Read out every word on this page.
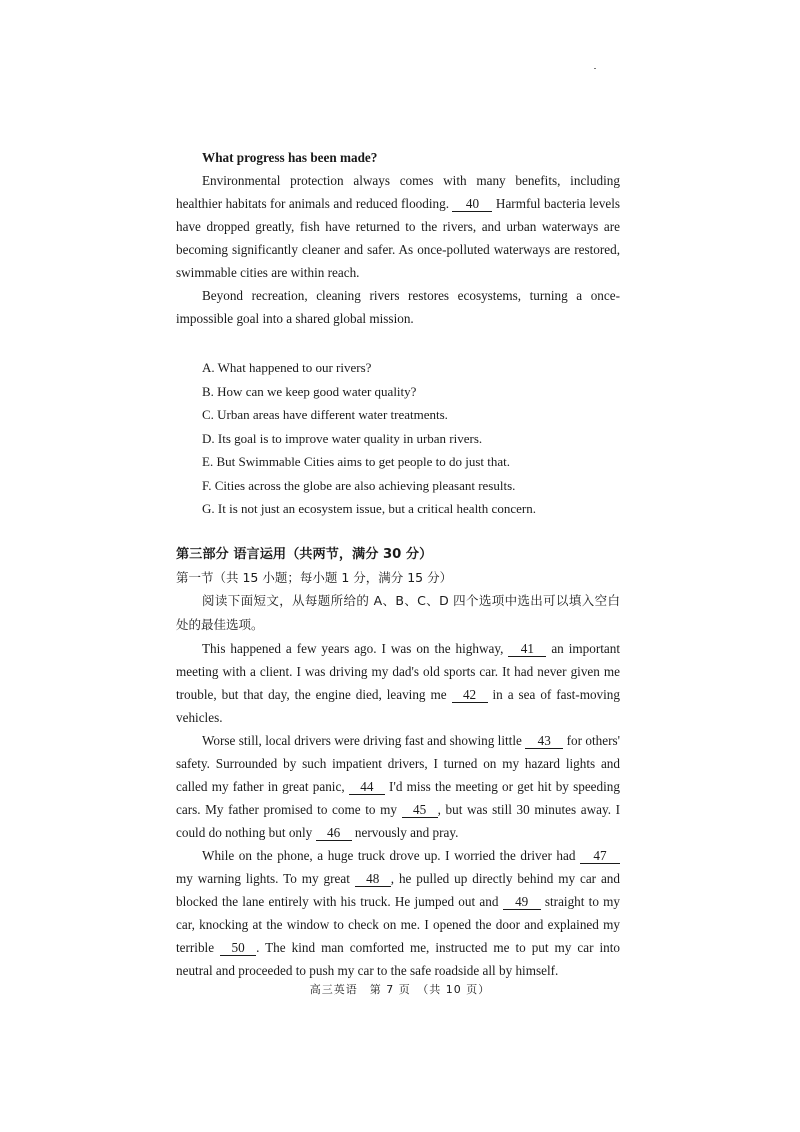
What progress has been made?

Environmental protection always comes with many benefits, including healthier habitats for animals and reduced flooding. 40 Harmful bacteria levels have dropped greatly, fish have returned to the rivers, and urban waterways are becoming significantly cleaner and safer. As once-polluted waterways are restored, swimmable cities are within reach.

Beyond recreation, cleaning rivers restores ecosystems, turning a once-impossible goal into a shared global mission.

A. What happened to our rivers?
B. How can we keep good water quality?
C. Urban areas have different water treatments.
D. Its goal is to improve water quality in urban rivers.
E. But Swimmable Cities aims to get people to do just that.
F. Cities across the globe are also achieving pleasant results.
G. It is not just an ecosystem issue, but a critical health concern.

第三部分 语言运用（共两节，满分 30 分）

第一节（共 15 小题；每小题 1 分，满分 15 分）

阅读下面短文，从每题所给的 A、B、C、D 四个选项中选出可以填入空白处的最佳选项。

This happened a few years ago. I was on the highway, 41 an important meeting with a client. I was driving my dad's old sports car. It had never given me trouble, but that day, the engine died, leaving me 42 in a sea of fast-moving vehicles.

Worse still, local drivers were driving fast and showing little 43 for others' safety. Surrounded by such impatient drivers, I turned on my hazard lights and called my father in great panic, 44 I'd miss the meeting or get hit by speeding cars. My father promised to come to my 45 , but was still 30 minutes away. I could do nothing but only 46 nervously and pray.

While on the phone, a huge truck drove up. I worried the driver had 47 my warning lights. To my great 48 , he pulled up directly behind my car and blocked the lane entirely with his truck. He jumped out and 49 straight to my car, knocking at the window to check on me. I opened the door and explained my terrible 50 . The kind man comforted me, instructed me to put my car into neutral and proceeded to push my car to the safe roadside all by himself.

高三英语　第 7 页　（共 10 页）
